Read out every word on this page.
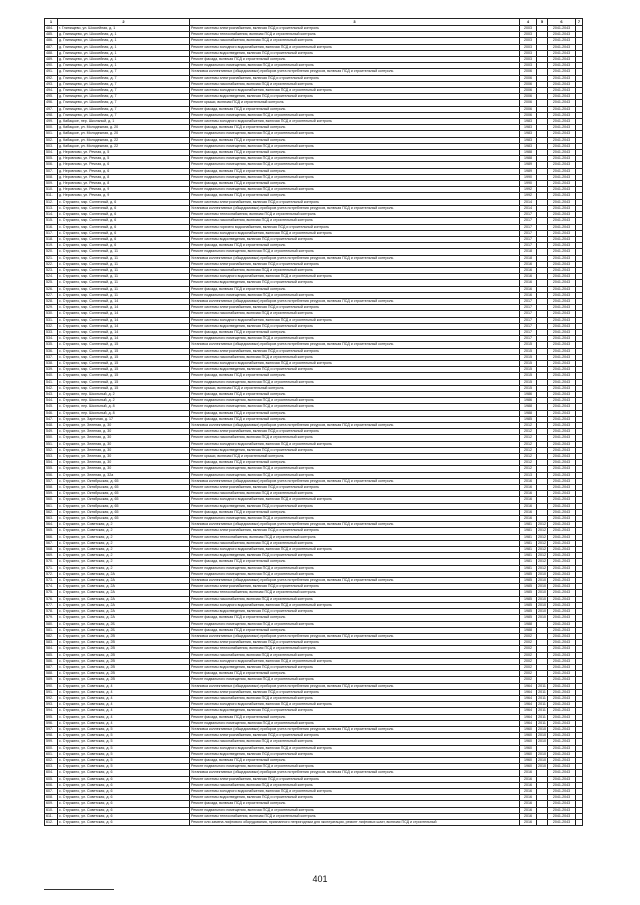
1	2	3	4	5	6	7
484.	г. Глинищево, ул. Шоссейная, д. 1	Ремонт системы электроснабжения, включая ПСД и строительный контроль	2003		2041-2043	
485.	д. Глинищево, ул. Шоссейная, д. 1	Ремонт системы теплоснабжения, включая ПСД и строительный контроль	2003		2041-2043	
486.	д. Глинищево, ул. Шоссейная, д. 1	Ремонт системы газоснабжения, включая ПСД и строительный контроль	2003		2041-2043	
487.	д. Глинищево, ул. Шоссейная, д. 1	Ремонт системы холодного водоснабжения, включая ПСД и строительный контроль	2003		2041-2043	
488.	д. Глинищево, ул. Шоссейная, д. 1	Ремонт системы водоотведения, включая ПСД и строительный контроль	2003		2041-2043	
489.	д. Глинищево, ул. Шоссейная, д. 1	Ремонт фасада, включая ПСД и строительный контроль	2003		2041-2043	
490.	д. Глинищево, ул. Шоссейная, д. 1	Ремонт подвального помещения, включая ПСД и строительный контроль	2003		2041-2043	
491.	д. Глинищево, ул. Шоссейная, д. 7	Установка коллективных (общедомовых) приборов учета потребления ресурсов, включая ПСД и строительный контроль	2006		2041-2043	
492.	д. Глинищево, ул. Шоссейная, д. 7	Ремонт системы электроснабжения, включая ПСД и строительный контроль	2006		2041-2043	
493.	д. Глинищево, ул. Шоссейная, д. 7	Ремонт системы газоснабжения, включая ПСД и строительный контроль	2006		2041-2043	
494.	д. Глинищево, ул. Шоссейная, д. 7	Ремонт системы холодного водоснабжения, включая ПСД и строительный контроль	2006		2041-2043	
495.	д. Глинищево, ул. Шоссейная, д. 7	Ремонт системы водоотведения, включая ПСД и строительный контроль	2006		2041-2043	
496.	д. Глинищево, ул. Шоссейная, д. 7	Ремонт крыши, включая ПСД и строительный контроль	2006		2041-2043	
497.	д. Глинищево, ул. Шоссейная, д. 7	Ремонт фасада, включая ПСД и строительный контроль	2006		2041-2043	
498.	д. Глинищево, ул. Шоссейная, д. 7	Ремонт подвального помещения, включая ПСД и строительный контроль	2006		2041-2043	
499.	д. Кабацкое, пер. Школьный, д. 1	Ремонт системы холодного водоснабжения, включая ПСД и строительный контроль	1983		2041-2043	
500.	д. Кабацкое, ул. Молодежная, д. 20	Ремонт фасада, включая ПСД и строительный контроль	1983		2041-2043	
501.	д. Кабацкое, ул. Молодежная, д. 20	Ремонт подвального помещения, включая ПСД и строительный контроль	1983		2041-2043	
502.	д. Кабацкое, ул. Молодежная, д. 22	Ремонт фасада, включая ПСД и строительный контроль	1983		2041-2043	
503.	д. Кабацкое, ул. Молодежная, д. 22	Ремонт подвального помещения, включая ПСД и строительный контроль	1983		2041-2043	
504.	д. Неровново, ул. Речная, д. 5	Ремонт фасада, включая ПСД и строительный контроль	1988		2041-2043	
505.	д. Неровново, ул. Речная, д. 5	Ремонт подвального помещения, включая ПСД и строительный контроль	1988		2041-2043	
506.	д. Неровново, ул. Речная, д. 6	Ремонт подвального помещения, включая ПСД и строительный контроль	1989		2041-2043	
507.	д. Неровново, ул. Речная, д. 6	Ремонт фасада, включая ПСД и строительный контроль	1989		2041-2043	
508.	д. Неровново, ул. Речная, д. 8	Ремонт подвального помещения, включая ПСД и строительный контроль	1990		2041-2043	
509.	д. Неровново, ул. Речная, д. 8	Ремонт фасада, включая ПСД и строительный контроль	1990		2041-2043	
510.	д. Неровново, ул. Речная, д. 9	Ремонт подвального помещения, включая ПСД и строительный контроль	1992		2041-2043	
511.	д. Неровново, ул. Речная, д. 9	Ремонт фасада, включая ПСД и строительный контроль	1992		2041-2043	
512.	с. Стружино, мкр. Солнечный, д. 6	Ремонт системы электроснабжения, включая ПСД и строительный контроль	2014		2041-2043	
513.	с. Стружино, мкр. Солнечный, д. 6	Установка коллективных (общедомовых) приборов учета потребления ресурсов, включая ПСД и строительный контроль	2014		2041-2043	
514.	с. Стружино, мкр. Солнечный, д. 6	Ремонт системы теплоснабжения, включая ПСД и строительный контроль	2017		2041-2043	
515.	с. Стружино, мкр. Солнечный, д. 6	Ремонт системы газоснабжения, включая ПСД и строительный контроль	2017		2041-2043	
516.	с. Стружино, мкр. Солнечный, д. 6	Ремонт системы горячего водоснабжения, включая ПСД и строительный контроль	2017		2041-2043	
517.	с. Стружино, мкр. Солнечный, д. 6	Ремонт системы холодного водоснабжения, включая ПСД и строительный контроль	2017		2041-2043	
518.	с. Стружино, мкр. Солнечный, д. 6	Ремонт системы водоотведения, включая ПСД и строительный контроль	2017		2041-2043	
519.	с. Стружино, мкр. Солнечный, д. 6	Ремонт фасада, включая ПСД и строительный контроль	2017		2041-2043	
520.	с. Стружино, мкр. Солнечный, д. 11	Ремонт подвального помещения, включая ПСД и строительный контроль	2018		2041-2043	
521.	с. Стружино, мкр. Солнечный, д. 11	Установка коллективных (общедомовых) приборов учета потребления ресурсов, включая ПСД и строительный контроль	2018		2041-2043	
522.	с. Стружино, мкр. Солнечный, д. 11	Ремонт системы электроснабжения, включая ПСД и строительный контроль	2016		2041-2043	
523.	с. Стружино, мкр. Солнечный, д. 11	Ремонт системы газоснабжения, включая ПСД и строительный контроль	2016		2041-2043	
524.	с. Стружино, мкр. Солнечный, д. 11	Ремонт системы холодного водоснабжения, включая ПСД и строительный контроль	2016		2041-2043	
525.	с. Стружино, мкр. Солнечный, д. 11	Ремонт системы водоотведения, включая ПСД и строительный контроль	2016		2041-2043	
526.	с. Стружино, мкр. Солнечный, д. 11	Ремонт фасада, включая ПСД и строительный контроль	2016		2041-2043	
527.	с. Стружино, мкр. Солнечный, д. 11	Ремонт подвального помещения, включая ПСД и строительный контроль	2016		2041-2043	
528.	с. Стружино, мкр. Солнечный, д. 14	Установка коллективных (общедомовых) приборов учета потребления ресурсов, включая ПСД и строительный контроль	2017		2041-2043	
529.	с. Стружино, мкр. Солнечный, д. 14	Ремонт системы электроснабжения, включая ПСД и строительный контроль	2017		2041-2043	
530.	с. Стружино, мкр. Солнечный, д. 14	Ремонт системы газоснабжения, включая ПСД и строительный контроль	2017		2041-2043	
531.	с. Стружино, мкр. Солнечный, д. 14	Ремонт системы холодного водоснабжения, включая ПСД и строительный контроль	2017		2041-2043	
532.	с. Стружино, мкр. Солнечный, д. 14	Ремонт системы водоотведения, включая ПСД и строительный контроль	2017		2041-2043	
533.	с. Стружино, мкр. Солнечный, д. 14	Ремонт фасада, включая ПСД и строительный контроль	2017		2041-2043	
534.	с. Стружино, мкр. Солнечный, д. 14	Ремонт подвального помещения, включая ПСД и строительный контроль	2017		2041-2043	
535.	с. Стружино, мкр. Солнечный, д. 15	Установка коллективных (общедомовых) приборов учета потребления ресурсов, включая ПСД и строительный контроль	2015		2041-2043	
536.	с. Стружино, мкр. Солнечный, д. 15	Ремонт системы электроснабжения, включая ПСД и строительный контроль	2015		2041-2043	
537.	с. Стружино, мкр. Солнечный, д. 15	Ремонт системы газоснабжения, включая ПСД и строительный контроль	2015		2041-2043	
538.	с. Стружино, мкр. Солнечный, д. 15	Ремонт системы холодного водоснабжения, включая ПСД и строительный контроль	2015		2041-2043	
539.	с. Стружино, мкр. Солнечный, д. 15	Ремонт системы водоотведения, включая ПСД и строительный контроль	2015		2041-2043	
540.	с. Стружино, мкр. Солнечный, д. 15	Ремонт фасада, включая ПСД и строительный контроль	2015		2041-2043	
541.	с. Стружино, мкр. Солнечный, д. 15	Ремонт подвального помещения, включая ПСД и строительный контроль	2015		2041-2043	
542.	с. Стружино, мкр. Солнечный, д. 15	Ремонт крыши, включая ПСД и строительный контроль	2015		2041-2043	
543.	с. Стружино, пер. Школьный, д. 2	Ремонт фасада, включая ПСД и строительный контроль	1986		2041-2043	
544.	с. Стружино, пер. Школьный, д. 2	Ремонт подвального помещения, включая ПСД и строительный контроль	1986		2041-2043	
545.	с. Стружино, пер. Школьный, д. 8	Ремонт подвального помещения, включая ПСД и строительный контроль	1988		2041-2043	
546.	с. Стружино, пер. Школьный, д. 8	Ремонт фасада, включая ПСД и строительный контроль	1988		2041-2043	
547.	с. Стружино, ул. Заречная, д. 17	Ремонт фасада, включая ПСД и строительный контроль	1985		2041-2043	
548.	с. Стружино, ул. Зеленая, д. 30	Установка коллективных (общедомовых) приборов учета потребления ресурсов, включая ПСД и строительный контроль	2012		2041-2043	
549.	с. Стружино, ул. Зеленая, д. 30	Ремонт системы электроснабжения, включая ПСД и строительный контроль	2012		2041-2043	
550.	с. Стружино, ул. Зеленая, д. 30	Ремонт системы газоснабжения, включая ПСД и строительный контроль	2012		2041-2043	
551.	с. Стружино, ул. Зеленая, д. 30	Ремонт системы холодного водоснабжения, включая ПСД и строительный контроль	2012		2041-2043	
552.	с. Стружино, ул. Зеленая, д. 30	Ремонт системы водоотведения, включая ПСД и строительный контроль	2012		2041-2043	
553.	с. Стружино, ул. Зеленая, д. 30	Ремонт крыши, включая ПСД и строительный контроль	2012		2041-2043	
554.	с. Стружино, ул. Зеленая, д. 30	Ремонт фасада, включая ПСД и строительный контроль	2012		2041-2043	
555.	с. Стружино, ул. Зеленая, д. 30	Ремонт подвального помещения, включая ПСД и строительный контроль	2012		2041-2043	
556.	с. Стружино, ул. Зеленая, д. 32а	Ремонт подвального помещения, включая ПСД и строительный контроль	2013		2041-2043	
557.	с. Стружино, ул. Октябрьская, д. 65	Установка коллективных (общедомовых) приборов учета потребления ресурсов, включая ПСД и строительный контроль	2016		2041-2043	
558.	с. Стружино, ул. Октябрьская, д. 65	Ремонт системы электроснабжения, включая ПСД и строительный контроль	2016		2041-2043	
559.	с. Стружино, ул. Октябрьская, д. 65	Ремонт системы газоснабжения, включая ПСД и строительный контроль	2016		2041-2043	
560.	с. Стружино, ул. Октябрьская, д. 65	Ремонт системы холодного водоснабжения, включая ПСД и строительный контроль	2016		2041-2043	
561.	с. Стружино, ул. Октябрьская, д. 65	Ремонт системы водоотведения, включая ПСД и строительный контроль	2016		2041-2043	
562.	с. Стружино, ул. Октябрьская, д. 65	Ремонт фасада, включая ПСД и строительный контроль	2016		2041-2043	
563.	с. Стружино, ул. Октябрьская, д. 65	Ремонт подвального помещения, включая ПСД и строительный контроль	2016		2041-2043	
564.	с. Стружино, ул. Советская, д. 2	Установка коллективных (общедомовых) приборов учета потребления ресурсов, включая ПСД и строительный контроль	1981	2012	2041-2043	
565.	с. Стружино, ул. Советская, д. 2	Ремонт системы электроснабжения, включая ПСД и строительный контроль	1981	2012	2041-2043	
566.	с. Стружино, ул. Советская, д. 2	Ремонт системы теплоснабжения, включая ПСД и строительный контроль	1981	2012	2041-2043	
567.	с. Стружино, ул. Советская, д. 2	Ремонт системы газоснабжения, включая ПСД и строительный контроль	1981	2012	2041-2043	
568.	с. Стружино, ул. Советская, д. 2	Ремонт системы холодного водоснабжения, включая ПСД и строительный контроль	1981	2012	2041-2043	
569.	с. Стружино, ул. Советская, д. 2	Ремонт системы водоотведения, включая ПСД и строительный контроль	1981	2012	2041-2043	
570.	с. Стружино, ул. Советская, д. 2	Ремонт фасада, включая ПСД и строительный контроль	1981	2012	2041-2043	
571.	с. Стружино, ул. Советская, д. 2	Ремонт подвального помещения, включая ПСД и строительный контроль	1981	2012	2041-2043	
572.	с. Стружино, ул. Советская, д. 2А	Ремонт подвального помещения, включая ПСД и строительный контроль	1985	2010	2041-2043	
573.	с. Стружино, ул. Советская, д. 2А	Установка коллективных (общедомовых) приборов учета потребления ресурсов, включая ПСД и строительный контроль	1985	2010	2041-2043	
574.	с. Стружино, ул. Советская, д. 2А	Ремонт системы электроснабжения, включая ПСД и строительный контроль	1985	2010	2041-2043	
575.	с. Стружино, ул. Советская, д. 2А	Ремонт системы теплоснабжения, включая ПСД и строительный контроль	1985	2010	2041-2043	
576.	с. Стружино, ул. Советская, д. 2А	Ремонт системы газоснабжения, включая ПСД и строительный контроль	1985	2010	2041-2043	
577.	с. Стружино, ул. Советская, д. 2А	Ремонт системы холодного водоснабжения, включая ПСД и строительный контроль	1985	2010	2041-2043	
578.	с. Стружино, ул. Советская, д. 2А	Ремонт системы водоотведения, включая ПСД и строительный контроль	1985	2010	2041-2043	
579.	с. Стружино, ул. Советская, д. 2А	Ремонт фасада, включая ПСД и строительный контроль	1985	2010	2041-2043	
580.	с. Стружино, ул. Советская, д. 2Б	Ремонт подвального помещения, включая ПСД и строительный контроль	1988		2041-2043	
581.	с. Стружино, ул. Советская, д. 2Б	Ремонт фасада, включая ПСД и строительный контроль	1988		2041-2043	
582.	с. Стружино, ул. Советская, д. 2В	Установка коллективных (общедомовых) приборов учета потребления ресурсов, включая ПСД и строительный контроль	2002		2041-2043	
583.	с. Стружино, ул. Советская, д. 2В	Ремонт системы электроснабжения, включая ПСД и строительный контроль	2002		2041-2043	
584.	с. Стружино, ул. Советская, д. 2В	Ремонт системы теплоснабжения, включая ПСД и строительный контроль	2002		2041-2043	
585.	с. Стружино, ул. Советская, д. 2В	Ремонт системы газоснабжения, включая ПСД и строительный контроль	2002		2041-2043	
586.	с. Стружино, ул. Советская, д. 2В	Ремонт системы холодного водоснабжения, включая ПСД и строительный контроль	2002		2041-2043	
587.	с. Стружино, ул. Советская, д. 2В	Ремонт системы водоотведения, включая ПСД и строительный контроль	2002		2041-2043	
588.	с. Стружино, ул. Советская, д. 2В	Ремонт фасада, включая ПСД и строительный контроль	2002		2041-2043	
589.	с. Стружино, ул. Советская, д. 2В	Ремонт подвального помещения, включая ПСД и строительный контроль	2002		2041-2043	
590.	с. Стружино, ул. Советская, д. 4	Установка коллективных (общедомовых) приборов учета потребления ресурсов, включая ПСД и строительный контроль	1964	2011	2041-2043	
591.	с. Стружино, ул. Советская, д. 4	Ремонт системы электроснабжения, включая ПСД и строительный контроль	1964	2011	2041-2043	
592.	с. Стружино, ул. Советская, д. 4	Ремонт системы газоснабжения, включая ПСД и строительный контроль	1964	2011	2041-2043	
593.	с. Стружино, ул. Советская, д. 4	Ремонт системы холодного водоснабжения, включая ПСД и строительный контроль	1964	2011	2041-2043	
594.	с. Стружино, ул. Советская, д. 4	Ремонт системы водоотведения, включая ПСД и строительный контроль	1964	2011	2041-2043	
595.	с. Стружино, ул. Советская, д. 4	Ремонт фасада, включая ПСД и строительный контроль	1964	2011	2041-2043	
596.	с. Стружино, ул. Советская, д. 4	Ремонт подвального помещения, включая ПСД и строительный контроль	1964	2011	2041-2043	
597.	с. Стружино, ул. Советская, д. 5	Установка коллективных (общедомовых) приборов учета потребления ресурсов, включая ПСД и строительный контроль	1960	2010	2041-2043	
598.	с. Стружино, ул. Советская, д. 5	Ремонт системы электроснабжения, включая ПСД и строительный контроль	1960	2010	2041-2043	
599.	с. Стружино, ул. Советская, д. 5	Ремонт системы газоснабжения, включая ПСД и строительный контроль	1960	2010	2041-2043	
600.	с. Стружино, ул. Советская, д. 5	Ремонт системы холодного водоснабжения, включая ПСД и строительный контроль	1960		2041-2043	
601.	с. Стружино, ул. Советская, д. 5	Ремонт системы водоотведения, включая ПСД и строительный контроль	1960	2010	2041-2043	
602.	с. Стружино, ул. Советская, д. 5	Ремонт фасада, включая ПСД и строительный контроль	1960	2010	2041-2043	
603.	с. Стружино, ул. Советская, д. 5	Ремонт подвального помещения, включая ПСД и строительный контроль	1960	2010	2041-2043	
604.	с. Стружино, ул. Советская, д. 6	Установка коллективных (общедомовых) приборов учета потребления ресурсов, включая ПСД и строительный контроль	2016		2041-2043	
605.	с. Стружино, ул. Советская, д. 6	Ремонт системы электроснабжения, включая ПСД и строительный контроль	2016		2041-2043	
606.	с. Стружино, ул. Советская, д. 6	Ремонт системы газоснабжения, включая ПСД и строительный контроль	2016		2041-2043	
607.	с. Стружино, ул. Советская, д. 6	Ремонт системы холодного водоснабжения, включая ПСД и строительный контроль	2016		2041-2043	
608.	с. Стружино, ул. Советская, д. 6	Ремонт системы водоотведения, включая ПСД и строительный контроль	2016		2041-2043	
609.	с. Стружино, ул. Советская, д. 6	Ремонт фасада, включая ПСД и строительный контроль	2016		2041-2043	
610.	с. Стружино, ул. Советская, д. 6	Ремонт подвального помещения, включая ПСД и строительный контроль	2016		2041-2043	
611.	с. Стружино, ул. Советская, д. 6	Ремонт системы теплоснабжения, включая ПСД и строительный контроль	2016		2041-2043	
612.	с. Стружино, ул. Советская, д. 6	Ремонт или замена лифтового оборудования, признанного непригодным для эксплуатации, ремонт лифтовых шахт, включая ПСД и строительный	2016		2041-2043	
401
